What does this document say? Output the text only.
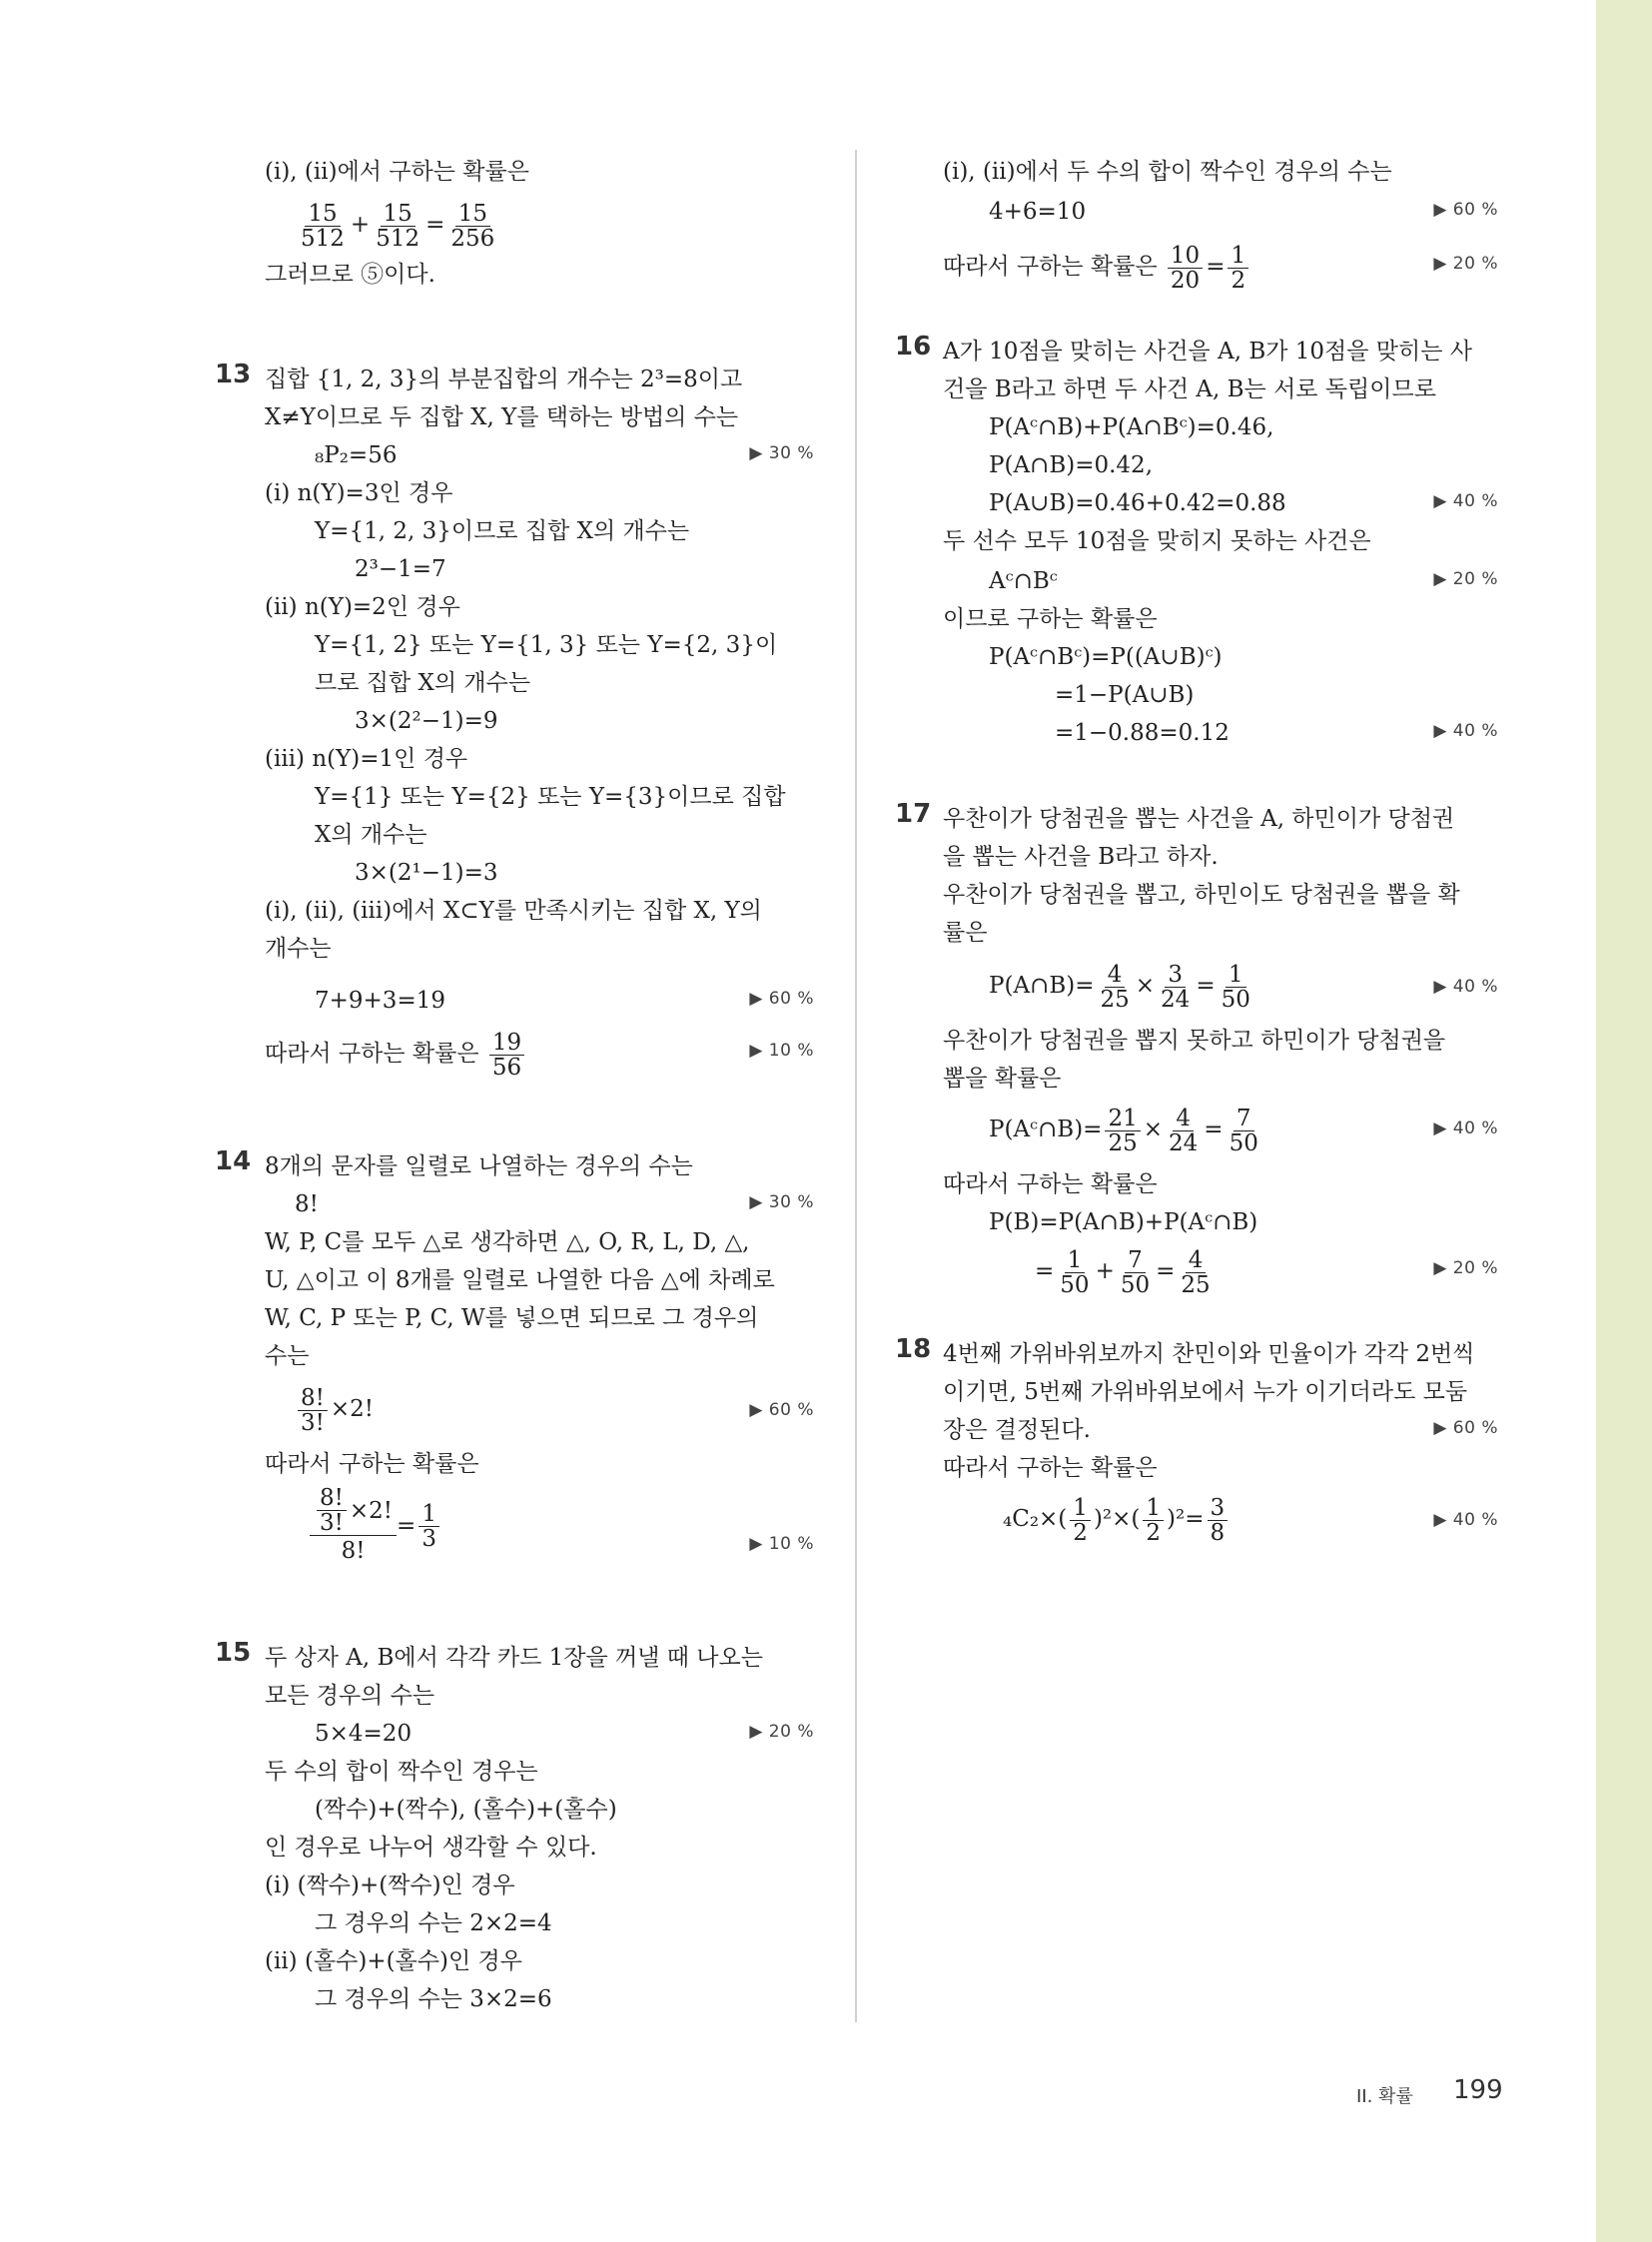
(ⅰ), (ⅱ)에서 구하는 확률은
$\frac{15}{512} + \frac{15}{512} = \frac{15}{256}$
그러므로 ⑤이다.
13 집합 {1, 2, 3}의 부분집합의 개수는 2³=8이고
X≠Y이므로 두 집합 X, Y를 택하는 방법의 수는
₈P₂=56	▶ 30 %
(ⅰ) n(Y)=3인 경우
Y={1, 2, 3}이므로 집합 X의 개수는
2³−1=7
(ⅱ) n(Y)=2인 경우
Y={1, 2} 또는 Y={1, 3} 또는 Y={2, 3}이
므로 집합 X의 개수는
3×(2²−1)=9
(ⅲ) n(Y)=1인 경우
Y={1} 또는 Y={2} 또는 Y={3}이므로 집합
X의 개수는
3×(2¹−1)=3
(ⅰ), (ⅱ), (ⅲ)에서 X⊂Y를 만족시키는 집합 X, Y의
개수는
7+9+3=19	▶ 60 %
따라서 구하는 확률은 $\frac{19}{56}$	▶ 10 %
14 8개의 문자를 일렬로 나열하는 경우의 수는
8!	▶ 30 %
W, P, C를 모두 △로 생각하면 △, O, R, L, D, △,
U, △이고 이 8개를 일렬로 나열한 다음 △에 차례로
W, C, P 또는 P, C, W를 넣으면 되므로 그 경우의
수는
$\frac{8!}{3!} \times 2$!	▶ 60 %
따라서 구하는 확률은
$\frac{\frac{8!}{3!} \times 2!}{8!} = \frac{1}{3}$	▶ 10 %
15 두 상자 A, B에서 각각 카드 1장을 꺼낼 때 나오는
모든 경우의 수는
5×4=20	▶ 20 %
두 수의 합이 짝수인 경우는
(짝수)+(짝수), (홀수)+(홀수)
인 경우로 나누어 생각할 수 있다.
(ⅰ) (짝수)+(짝수)인 경우
그 경우의 수는 2×2=4
(ⅱ) (홀수)+(홀수)인 경우
그 경우의 수는 3×2=6
(ⅰ), (ⅱ)에서 두 수의 합이 짝수인 경우의 수는
4+6=10	▶ 60 %
따라서 구하는 확률은 $\frac{10}{20} = \frac{1}{2}$	▶ 20 %
16 A가 10점을 맞히는 사건을 A, B가 10점을 맞히는 사
건을 B라고 하면 두 사건 A, B는 서로 독립이므로
P(Aᶜ∩B)+P(A∩Bᶜ)=0.46,
P(A∩B)=0.42,
P(A∪B)=0.46+0.42=0.88	▶ 40 %
두 선수 모두 10점을 맞히지 못하는 사건은
Aᶜ∩Bᶜ	▶ 20 %
이므로 구하는 확률은
P(Aᶜ∩Bᶜ)=P((A∪B)ᶜ)
=1−P(A∪B)
=1−0.88=0.12	▶ 40 %
17 우찬이가 당첨권을 뽑는 사건을 A, 하민이가 당첨권
을 뽑는 사건을 B라고 하자.
우찬이가 당첨권을 뽑고, 하민이도 당첨권을 뽑을 확
률은
P(A∩B)= $\frac{4}{25} \times \frac{3}{24} = \frac{1}{50}$	▶ 40 %
우찬이가 당첨권을 뽑지 못하고 하민이가 당첨권을
뽑을 확률은
P(Aᶜ∩B)= $\frac{21}{25} \times \frac{4}{24} = \frac{7}{50}$	▶ 40 %
따라서 구하는 확률은
P(B)=P(A∩B)+P(Aᶜ∩B)
= $\frac{1}{50} + \frac{7}{50} = \frac{4}{25}$	▶ 20 %
18 4번째 가위바위보까지 찬민이와 민율이가 각각 2번씩
이기면, 5번째 가위바위보에서 누가 이기더라도 모둠
장은 결정된다.	▶ 60 %
따라서 구하는 확률은
$_4C_2\times( \frac{1}{2} )^2\times( \frac{1}{2} )^2= \frac{3}{8}$	▶ 40 %
II. 확률 199
